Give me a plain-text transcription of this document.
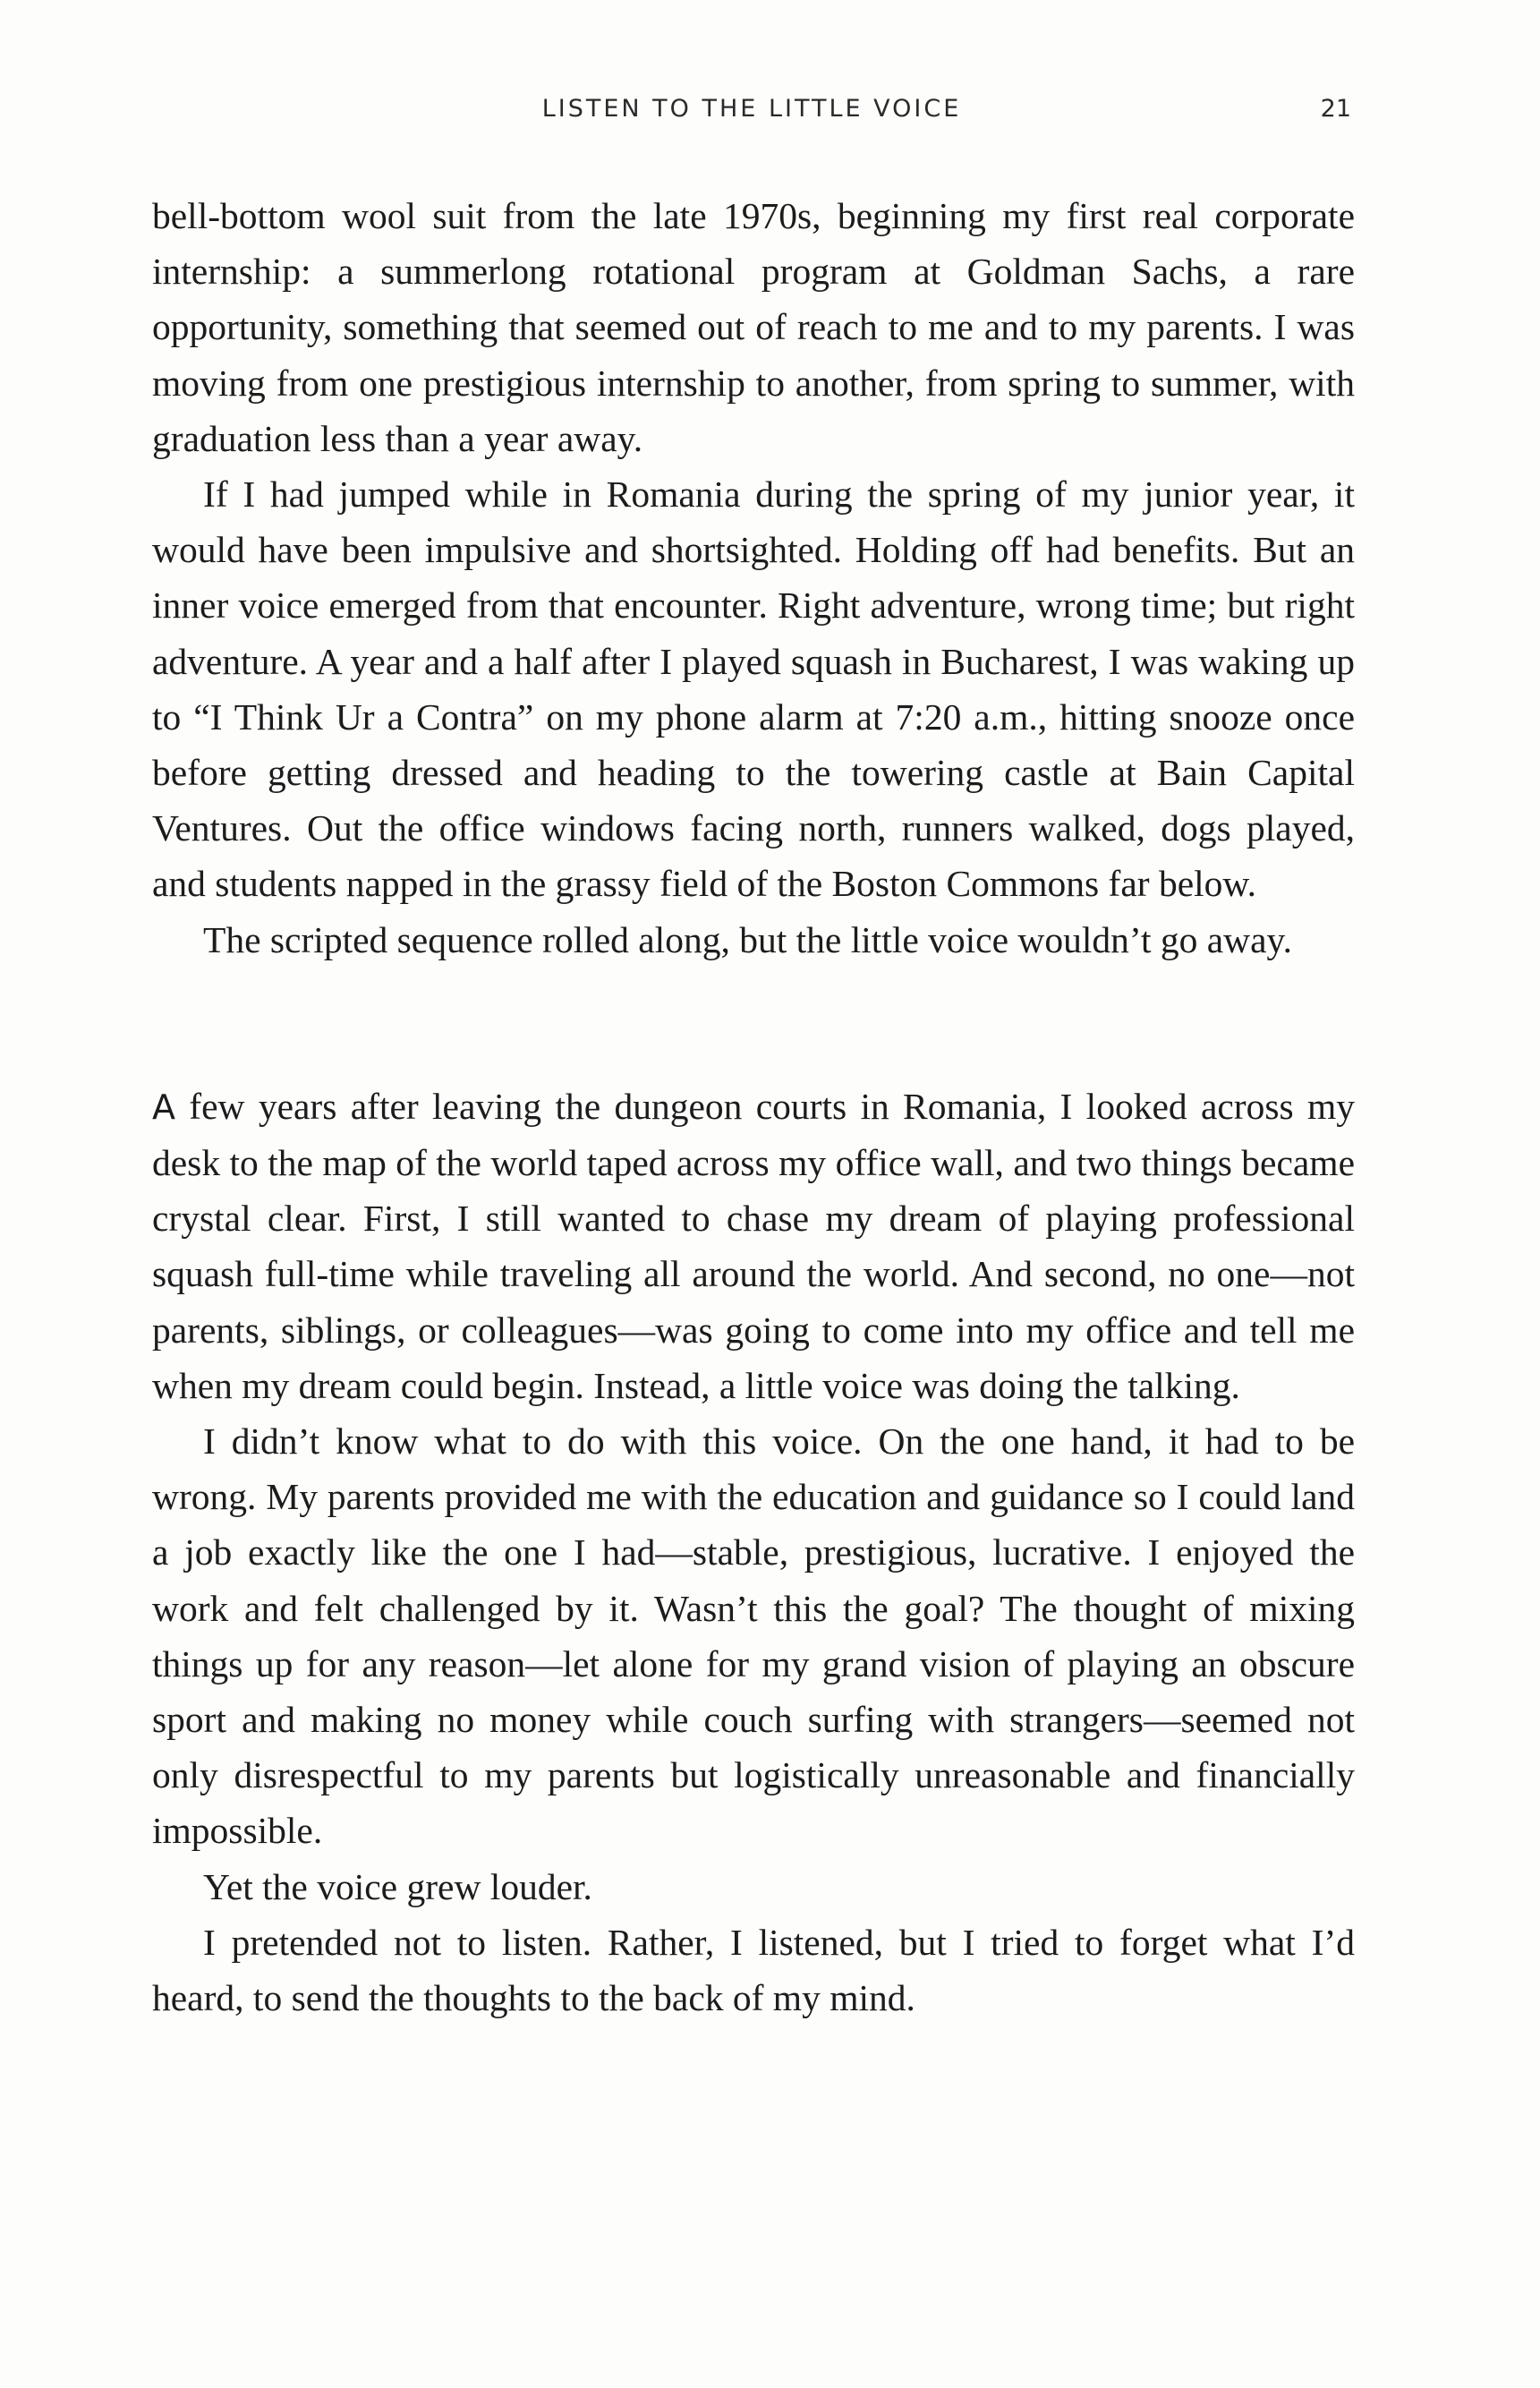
LISTEN TO THE LITTLE VOICE	21

bell-bottom wool suit from the late 1970s, beginning my first real corporate internship: a summerlong rotational program at Goldman Sachs, a rare opportunity, something that seemed out of reach to me and to my parents. I was moving from one prestigious internship to another, from spring to summer, with graduation less than a year away.

If I had jumped while in Romania during the spring of my junior year, it would have been impulsive and shortsighted. Holding off had benefits. But an inner voice emerged from that encounter. Right adventure, wrong time; but right adventure. A year and a half after I played squash in Bucharest, I was waking up to “I Think Ur a Contra” on my phone alarm at 7:20 a.m., hitting snooze once before getting dressed and heading to the towering castle at Bain Capital Ventures. Out the office windows facing north, runners walked, dogs played, and students napped in the grassy field of the Boston Commons far below.

The scripted sequence rolled along, but the little voice wouldn’t go away.

A few years after leaving the dungeon courts in Romania, I looked across my desk to the map of the world taped across my office wall, and two things became crystal clear. First, I still wanted to chase my dream of playing professional squash full-time while traveling all around the world. And second, no one—not parents, siblings, or colleagues—was going to come into my office and tell me when my dream could begin. Instead, a little voice was doing the talking.

I didn’t know what to do with this voice. On the one hand, it had to be wrong. My parents provided me with the education and guidance so I could land a job exactly like the one I had—stable, prestigious, lucrative. I enjoyed the work and felt challenged by it. Wasn’t this the goal? The thought of mixing things up for any reason—let alone for my grand vision of playing an obscure sport and making no money while couch surfing with strangers—seemed not only disrespectful to my parents but logistically unreasonable and financially impossible.

Yet the voice grew louder.

I pretended not to listen. Rather, I listened, but I tried to forget what I’d heard, to send the thoughts to the back of my mind.
